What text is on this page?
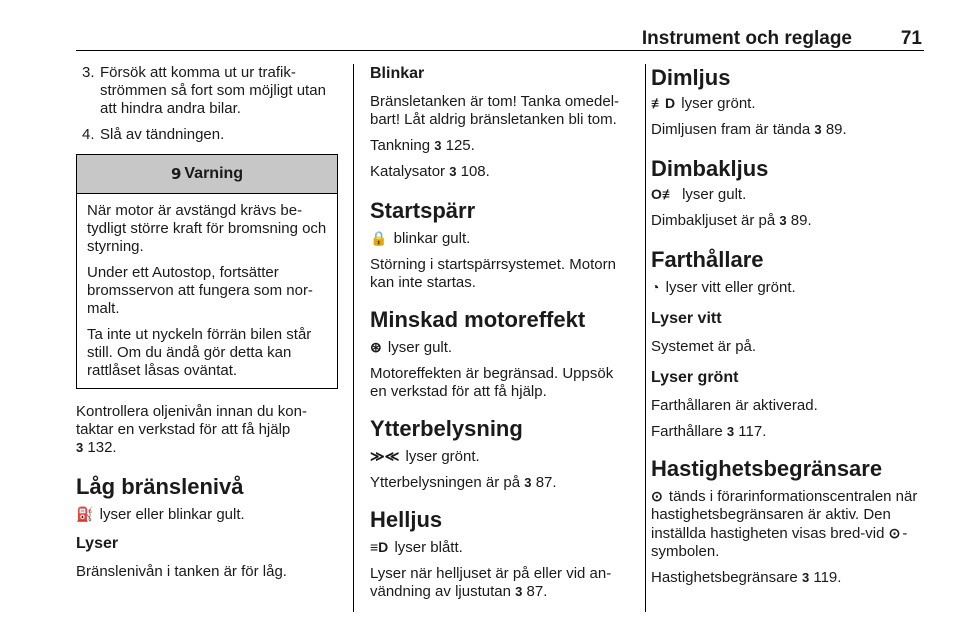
Instrument och reglage	71
3. Försök att komma ut ur trafik-strömmen så fort som möjligt utan att hindra andra bilar.
4. Slå av tändningen.
9 Varning

När motor är avstängd krävs be-tydligt större kraft för bromsning och styrning.

Under ett Autostop, fortsätter bromsservon att fungera som nor-malt.

Ta inte ut nyckeln förrän bilen står still. Om du ändå gör detta kan rattlåset låsas oväntat.

Kontrollera oljenivån innan du kon-taktar en verkstad för att få hjälp
3 132.

Låg bränslenivå

⛽ lyser eller blinkar gult.

Lyser

Bränslenivån i tanken är för låg.

Blinkar

Bränsletanken är tom! Tanka omedel-bart! Låt aldrig bränsletanken bli tom.

Tankning 3 125.

Katalysator 3 108.

Startspärr

🔒 blinkar gult.

Störning i startspärrsystemet. Motorn kan inte startas.

Minskad motoreffekt

⊛ lyser gult.

Motoreffekten är begränsad. Uppsök en verkstad för att få hjälp.

Ytterbelysning

≫≪ lyser grönt.

Ytterbelysningen är på 3 87.

Helljus

≡D lyser blått.

Lyser när helljuset är på eller vid an-vändning av ljustutan 3 87.

Dimljus

≢D lyser grönt.

Dimljusen fram är tända 3 89.

Dimbakljus

O≢ lyser gult.

Dimbakljuset är på 3 89.

Farthållare

◔ lyser vitt eller grönt.

Lyser vitt

Systemet är på.

Lyser grönt

Farthållaren är aktiverad.

Farthållare 3 117.

Hastighetsbegränsare

⊙ tänds i förarinformationscentralen när hastighetsbegränsaren är aktiv. Den inställda hastigheten visas bred-vid ⊙ -symbolen.

Hastighetsbegränsare 3 119.
